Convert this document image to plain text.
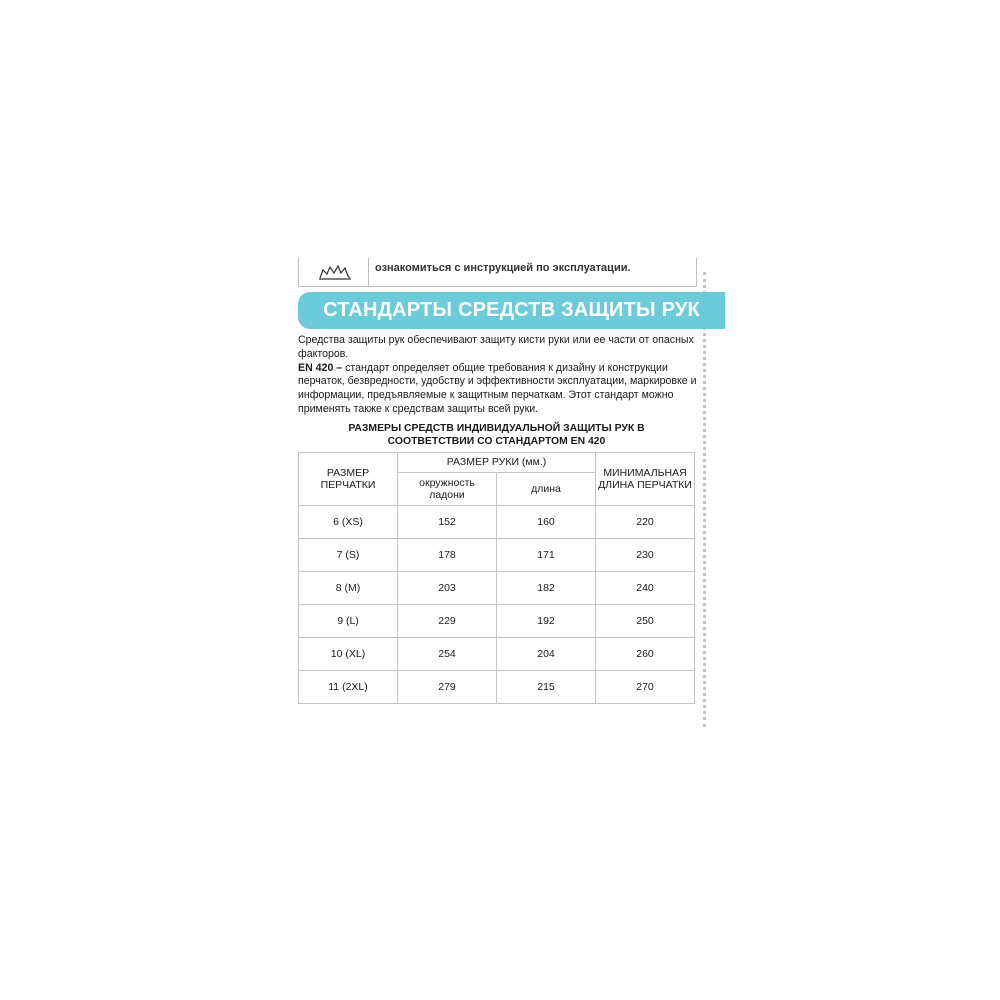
ознакомиться с инструкцией по эксплуатации.
СТАНДАРТЫ СРЕДСТВ ЗАЩИТЫ РУК

Средства защиты рук обеспечивают защиту кисти руки или ее части от опасных факторов.

EN 420 – стандарт определяет общие требования к дизайну и конструкции перчаток, безвредности, удобству и эффективности эксплуатации, маркировке и информации, предъявляемые к защитным перчаткам. Этот стандарт можно применять также к средствам защиты всей руки.

РАЗМЕРЫ СРЕДСТВ ИНДИВИДУАЛЬНОЙ ЗАЩИТЫ РУК В
СООТВЕТСТВИИ СО СТАНДАРТОМ EN 420
РАЗМЕР ПЕРЧАТКИ	РАЗМЕР РУКИ (мм.)		МИНИМАЛЬНАЯ ДЛИНА ПЕРЧАТКИ
	окружность ладони	длина	
6 (XS)	152	160	220
7 (S)	178	171	230
8 (M)	203	182	240
9 (L)	229	192	250
10 (XL)	254	204	260
11 (2XL)	279	215	270
